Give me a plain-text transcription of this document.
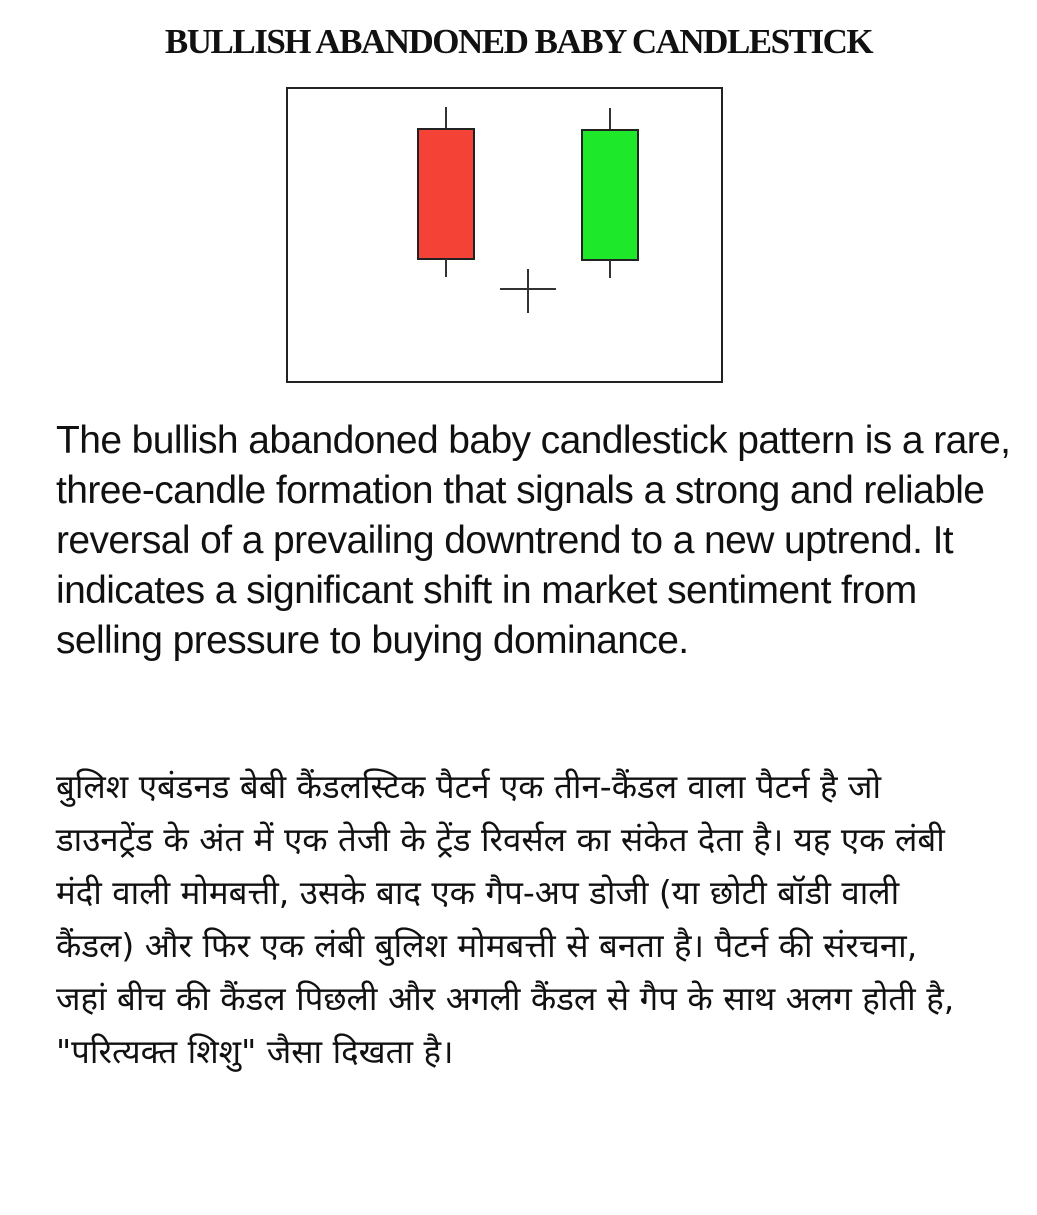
BULLISH ABANDONED BABY CANDLESTICK

The bullish abandoned baby candlestick pattern is a rare, three-candle formation that signals a strong and reliable reversal of a prevailing downtrend to a new uptrend. It indicates a significant shift in market sentiment from selling pressure to buying dominance.

बुलिश एबंडनड बेबी कैंडलस्टिक पैटर्न एक तीन-कैंडल वाला पैटर्न है जो डाउनट्रेंड के अंत में एक तेजी के ट्रेंड रिवर्सल का संकेत देता है। यह एक लंबी मंदी वाली मोमबत्ती, उसके बाद एक गैप-अप डोजी (या छोटी बॉडी वाली कैंडल) और फिर एक लंबी बुलिश मोमबत्ती से बनता है। पैटर्न की संरचना, जहां बीच की कैंडल पिछली और अगली कैंडल से गैप के साथ अलग होती है, "परित्यक्त शिशु" जैसा दिखता है।
